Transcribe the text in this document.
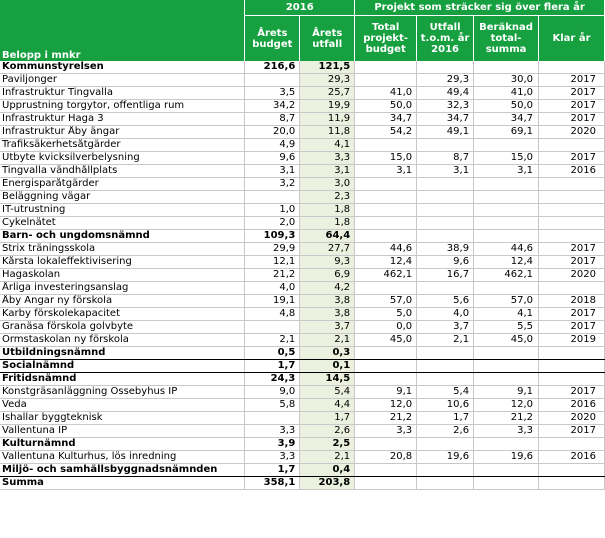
	2016		Projekt som sträcker sig över flera år			
Belopp i mnkr	Årets budget	Årets utfall	Total projekt-budget	Utfall t.o.m. år 2016	Beräknad total-summa	Klar år
Kommunstyrelsen	216,6	121,5				
Paviljonger		29,3		29,3	30,0	2017
Infrastruktur Tingvalla	3,5	25,7	41,0	49,4	41,0	2017
Upprustning torgytor, offentliga rum	34,2	19,9	50,0	32,3	50,0	2017
Infrastruktur Haga 3	8,7	11,9	34,7	34,7	34,7	2017
Infrastruktur Åby ängar	20,0	11,8	54,2	49,1	69,1	2020
Trafiksäkerhetsåtgärder	4,9	4,1				
Utbyte kvicksilverbelysning	9,6	3,3	15,0	8,7	15,0	2017
Tingvalla vändhållplats	3,1	3,1	3,1	3,1	3,1	2016
Energisparåtgärder	3,2	3,0				
Beläggning vägar		2,3				
IT-utrustning	1,0	1,8				
Cykelnätet	2,0	1,8				
Barn- och ungdomsnämnd	109,3	64,4				
Strix träningsskola	29,9	27,7	44,6	38,9	44,6	2017
Kårsta lokaleffektivisering	12,1	9,3	12,4	9,6	12,4	2017
Hagaskolan	21,2	6,9	462,1	16,7	462,1	2020
Årliga investeringsanslag	4,0	4,2				
Åby Ängar ny förskola	19,1	3,8	57,0	5,6	57,0	2018
Karby förskolekapacitet	4,8	3,8	5,0	4,0	4,1	2017
Granäsa förskola golvbyte		3,7	0,0	3,7	5,5	2017
Ormstaskolan ny förskola	2,1	2,1	45,0	2,1	45,0	2019
Utbildningsnämnd	0,5	0,3				
Socialnämnd	1,7	0,1				
Fritidsnämnd	24,3	14,5				
Konstgräsanläggning Össebyhus IP	9,0	5,4	9,1	5,4	9,1	2017
Veda	5,8	4,4	12,0	10,6	12,0	2016
Ishallar byggteknisk		1,7	21,2	1,7	21,2	2020
Vallentuna IP	3,3	2,6	3,3	2,6	3,3	2017
Kulturnämnd	3,9	2,5				
Vallentuna Kulturhus, lös inredning	3,3	2,1	20,8	19,6	19,6	2016
Miljö- och samhällsbyggnadsnämnden	1,7	0,4				
Summa	358,1	203,8				
